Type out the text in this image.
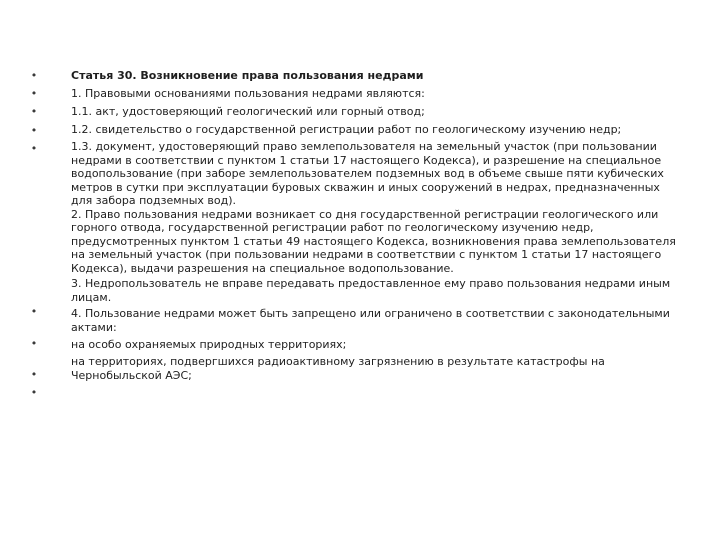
•
•
•
•
•
•
•
•
•

Статья 30. Возникновение права пользования недрами

1. Правовыми основаниями пользования недрами являются:

1.1. акт, удостоверяющий геологический или горный отвод;

1.2. свидетельство о государственной регистрации работ по геологическому изучению недр;

1.3. документ, удостоверяющий право землепользователя на земельный участок (при пользовании недрами в соответствии с пунктом 1 статьи 17 настоящего Кодекса), и разрешение на специальное водопользование (при заборе землепользователем подземных вод в объеме свыше пяти кубических метров в сутки при эксплуатации буровых скважин и иных сооружений в недрах, предназначенных для забора подземных вод).

2. Право пользования недрами возникает со дня государственной регистрации геологического или горного отвода, государственной регистрации работ по геологическому изучению недр, предусмотренных пунктом 1 статьи 49 настоящего Кодекса, возникновения права землепользователя на земельный участок (при пользовании недрами в соответствии с пунктом 1 статьи 17 настоящего Кодекса), выдачи разрешения на специальное водопользование.

3. Недропользователь не вправе передавать предоставленное ему право пользования недрами иным лицам.

4. Пользование недрами может быть запрещено или ограничено в соответствии с законодательными актами:

на особо охраняемых природных территориях;

на территориях, подвергшихся радиоактивному загрязнению в результате катастрофы на Чернобыльской АЭС;
